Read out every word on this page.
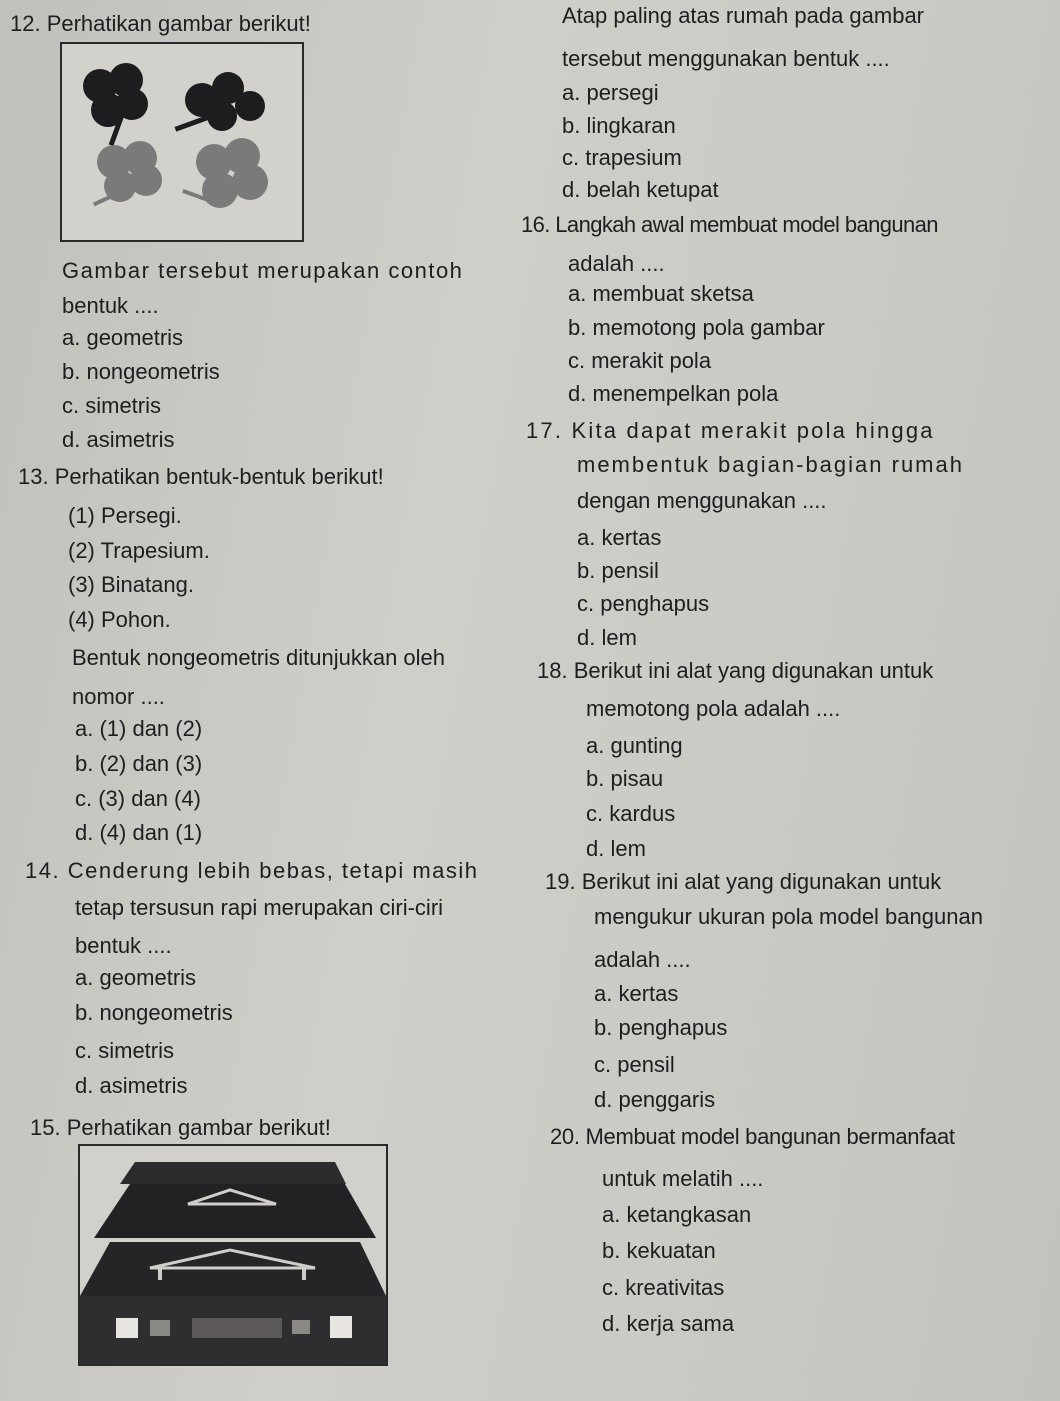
12. Perhatikan gambar berikut!
Gambar tersebut merupakan contoh
bentuk ....
a. geometris
b. nongeometris
c. simetris
d. asimetris
13. Perhatikan bentuk-bentuk berikut!
(1) Persegi.
(2) Trapesium.
(3) Binatang.
(4) Pohon.
Bentuk nongeometris ditunjukkan oleh
nomor ....
a. (1) dan (2)
b. (2) dan (3)
c. (3) dan (4)
d. (4) dan (1)
14. Cenderung lebih bebas, tetapi masih
tetap tersusun rapi merupakan ciri-ciri
bentuk ....
a. geometris
b. nongeometris
c. simetris
d. asimetris
15. Perhatikan gambar berikut!
Atap paling atas rumah pada gambar
tersebut menggunakan bentuk ....
a. persegi
b. lingkaran
c. trapesium
d. belah ketupat
16. Langkah awal membuat model bangunan
adalah ....
a. membuat sketsa
b. memotong pola gambar
c. merakit pola
d. menempelkan pola
17. Kita dapat merakit pola hingga
membentuk bagian-bagian rumah
dengan menggunakan ....
a. kertas
b. pensil
c. penghapus
d. lem
18. Berikut ini alat yang digunakan untuk
memotong pola adalah ....
a. gunting
b. pisau
c. kardus
d. lem
19. Berikut ini alat yang digunakan untuk
mengukur ukuran pola model bangunan
adalah ....
a. kertas
b. penghapus
c. pensil
d. penggaris
20. Membuat model bangunan bermanfaat
untuk melatih ....
a. ketangkasan
b. kekuatan
c. kreativitas
d. kerja sama
